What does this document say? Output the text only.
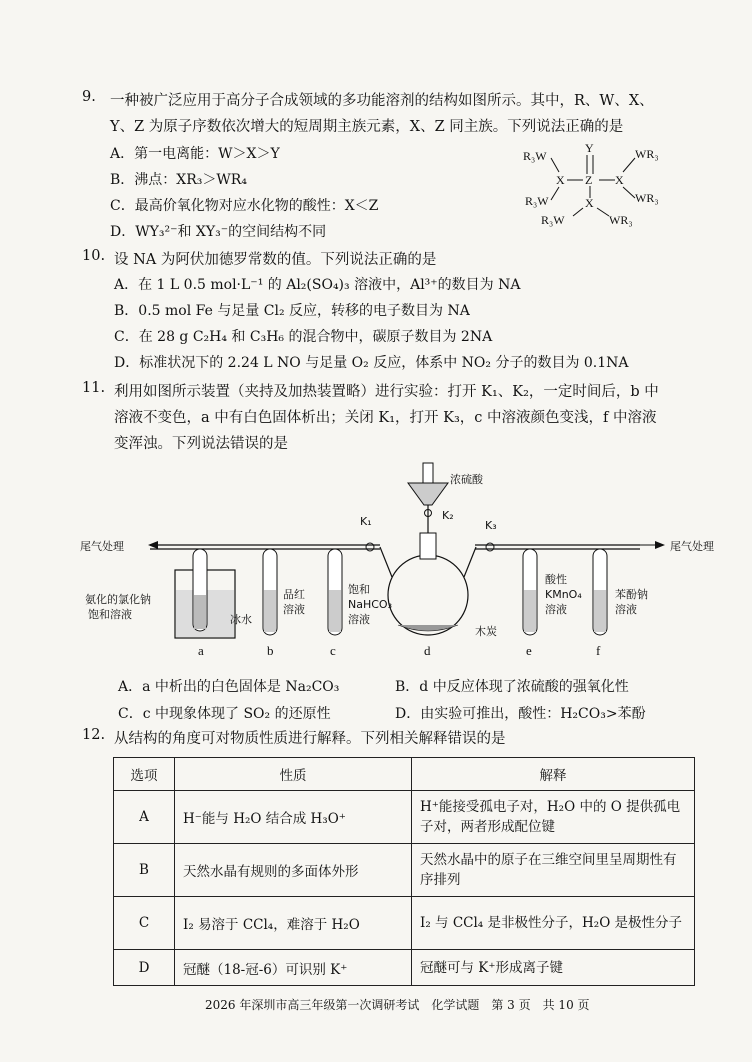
9. 一种被广泛应用于高分子合成领域的多功能溶剂的结构如图所示。其中，R、W、X、
Y、Z 为原子序数依次增大的短周期主族元素，X、Z 同主族。下列说法正确的是
A．第一电离能：W＞X＞Y
B．沸点：XR₃＞WR₄
C．最高价氧化物对应水化物的酸性：X＜Z
D．WY₃²⁻和 XY₃⁻的空间结构不同
Y
X Z X
X
R₃W	WR₃
R₃W	WR₃
R₃W	WR₃
10. 设 NA 为阿伏加德罗常数的值。下列说法正确的是
A．在 1 L 0.5 mol·L⁻¹ 的 Al₂(SO₄)₃ 溶液中，Al³⁺的数目为 NA
B．0.5 mol Fe 与足量 Cl₂ 反应，转移的电子数目为 NA
C．在 28 g C₂H₄ 和 C₃H₆ 的混合物中，碳原子数目为 2NA
D．标准状况下的 2.24 L NO 与足量 O₂ 反应，体系中 NO₂ 分子的数目为 0.1NA
11. 利用如图所示装置（夹持及加热装置略）进行实验：打开 K₁、K₂，一定时间后，b 中
溶液不变色，a 中有白色固体析出；关闭 K₁，打开 K₃，c 中溶液颜色变浅，f 中溶液
变浑浊。下列说法错误的是
尾气处理	尾气处理
氨化的氯化钠
饱和溶液	冰水
a
品红
溶液
b
饱和
NaHCO₃
溶液
c
K₁
木炭
d
浓硫酸
K₂
K₃
酸性
KMnO₄
溶液
e
苯酚钠
溶液
f
A．a 中析出的白色固体是 Na₂CO₃	B．d 中反应体现了浓硫酸的强氧化性
C．c 中现象体现了 SO₂ 的还原性	D．由实验可推出，酸性：H₂CO₃>苯酚
12. 从结构的角度可对物质性质进行解释。下列相关解释错误的是
选项	性质	解释
A	H⁻能与 H₂O 结合成 H₃O⁺	H⁺能接受孤电子对，H₂O 中的 O 提供孤电子对，两者形成配位键
B	天然水晶有规则的多面体外形	天然水晶中的原子在三维空间里呈周期性有序排列
C	I₂ 易溶于 CCl₄，难溶于 H₂O	I₂ 与 CCl₄ 是非极性分子，H₂O 是极性分子
D	冠醚（18-冠-6）可识别 K⁺	冠醚可与 K⁺形成离子键
2026 年深圳市高三年级第一次调研考试　化学试题　第 3 页　共 10 页
